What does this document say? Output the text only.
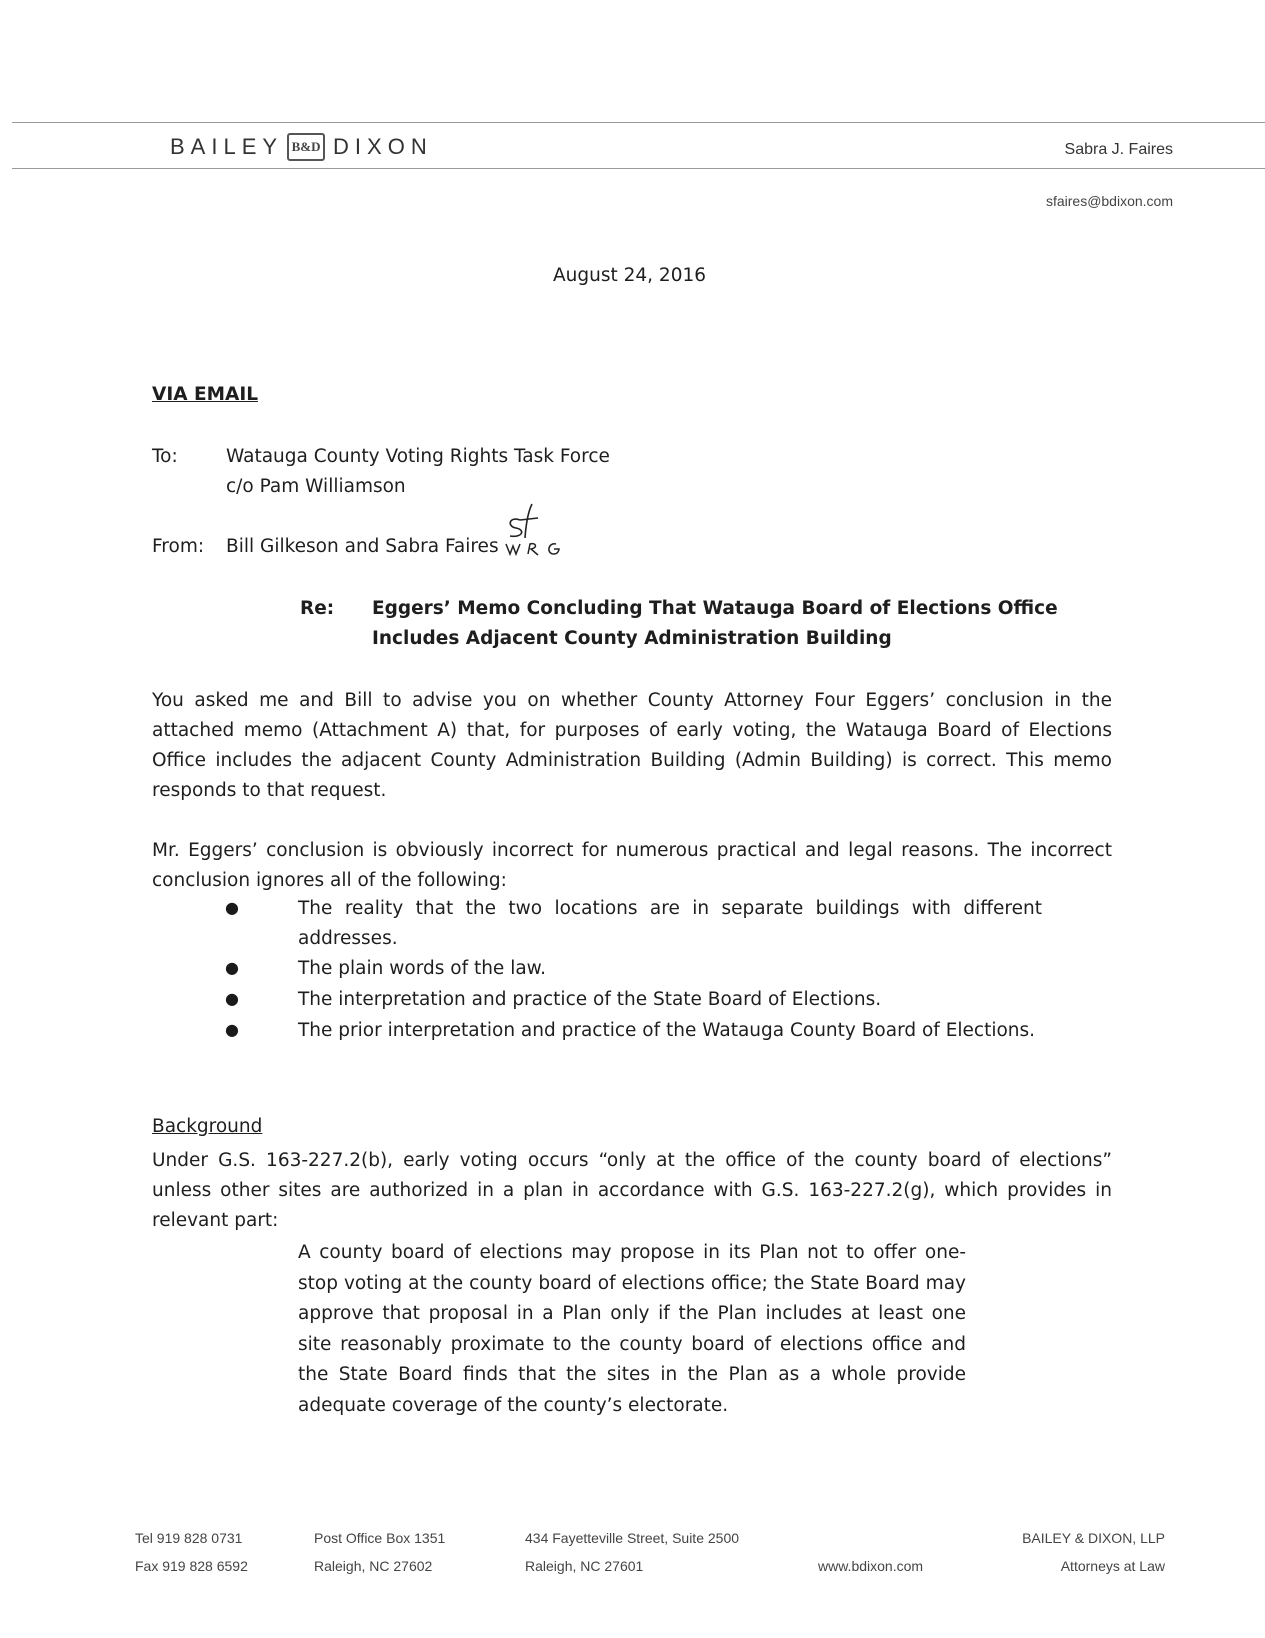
BAILEY B&D DIXON	Sabra J. Faires
sfaires@bdixon.com
August 24, 2016
VIA EMAIL
To:	Watauga County Voting Rights Task Force
c/o Pam Williamson
From: Bill Gilkeson and Sabra Faires
Re: Eggers’ Memo Concluding That Watauga Board of Elections Office
Includes Adjacent County Administration Building
You asked me and Bill to advise you on whether County Attorney Four Eggers’ conclusion in the attached memo (Attachment A) that, for purposes of early voting, the Watauga Board of Elections Office includes the adjacent County Administration Building (Admin Building) is correct. This memo responds to that request.
Mr. Eggers’ conclusion is obviously incorrect for numerous practical and legal reasons. The incorrect conclusion ignores all of the following:
●	The reality that the two locations are in separate buildings with different addresses.
●	The plain words of the law.
●	The interpretation and practice of the State Board of Elections.
●	The prior interpretation and practice of the Watauga County Board of Elections.
Background
Under G.S. 163-227.2(b), early voting occurs “only at the office of the county board of elections” unless other sites are authorized in a plan in accordance with G.S. 163-227.2(g), which provides in relevant part:
A county board of elections may propose in its Plan not to offer one-stop voting at the county board of elections office; the State Board may approve that proposal in a Plan only if the Plan includes at least one site reasonably proximate to the county board of elections office and the State Board finds that the sites in the Plan as a whole provide adequate coverage of the county’s electorate.
Tel 919 828 0731
Fax 919 828 6592
Post Office Box 1351
Raleigh, NC 27602
434 Fayetteville Street, Suite 2500
Raleigh, NC 27601	www.bdixon.com
BAILEY & DIXON, LLP
Attorneys at Law
